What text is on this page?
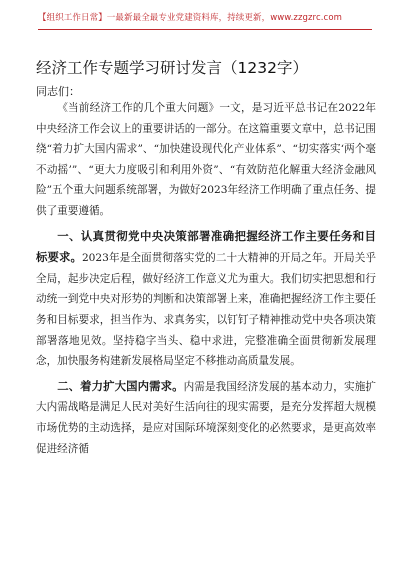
【组织工作日常】一最新最全最专业党建资料库，持续更新，www.zzgzrc.com
经济工作专题学习研讨发言（1232字）
同志们：

《当前经济工作的几个重大问题》一文，是习近平总书记在2022年中央经济工作会议上的重要讲话的一部分。在这篇重要文章中，总书记围绕“着力扩大国内需求”、“加快建设现代化产业体系”、“切实落实‘两个毫不动摇’”、“更大力度吸引和利用外资”、“有效防范化解重大经济金融风险”五个重大问题系统部署，为做好2023年经济工作明确了重点任务、提供了重要遵循。

一、认真贯彻党中央决策部署准确把握经济工作主要任务和目标要求。2023年是全面贯彻落实党的二十大精神的开局之年。开局关乎全局，起步决定后程，做好经济工作意义尤为重大。我们切实把思想和行动统一到党中央对形势的判断和决策部署上来，准确把握经济工作主要任务和目标要求，担当作为、求真务实，以钉钉子精神推动党中央各项决策部署落地见效。坚持稳字当头、稳中求进，完整准确全面贯彻新发展理念，加快服务构建新发展格局坚定不移推动高质量发展。

二、着力扩大国内需求。内需是我国经济发展的基本动力，实施扩大内需战略是满足人民对美好生活向往的现实需要，是充分发挥超大规模市场优势的主动选择，是应对国际环境深刻变化的必然要求，是更高效率促进经济循
